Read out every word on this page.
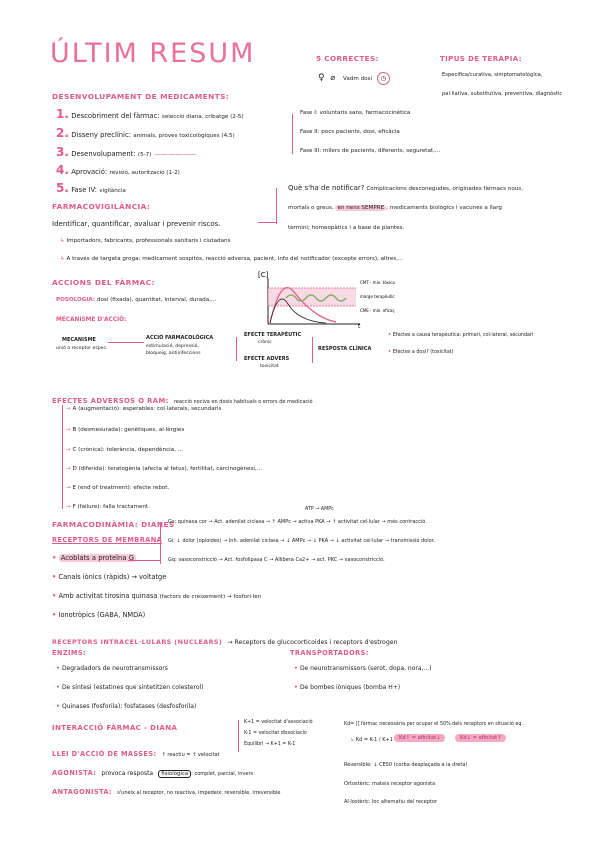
ÚLTIM RESUM	5 CORRECTES:
♀ ⌀ Vadm dosi ◷
TIPUS DE TERÀPIA:
Específica/curativa, simptomatològica,
pal·liativa, substitutiva, preventiva, diagnòstic
DESENVOLUPAMENT DE MEDICAMENTS:
1. Descobriment del fàrmac: selecció diana, cribatge (2-5)
2. Disseny preclínic: animals, proves toxicològiques (4,5)
3. Desenvolupament: (5-7) ——————
4. Aprovació: revisió, autorització (1-2)
5. Fase IV: vigilància
Fase I: voluntaris sans, farmacocinètica
Fase II: pocs pacients, dosi, eficàcia
Fase III: milers de pacients, diferents, seguretat,...
FARMACOVIGILÀNCIA:
Identificar, quantificar, avaluar i prevenir riscos.
↳ Importadors, fabricants, professionals sanitaris i ciutadans
↳ A través de targeta groga: medicament sospitós, reacció adversa, pacient, info del notificador (excepte errors), altres,...
Què s'ha de notificar? Complicacions desconegudes, originades fàrmacs nous,
mortals o greus, en nens SEMPRE ; medicaments biològics i vacunes a llarg
termini; homeopàtics i a base de plantes.
ACCIONS DEL FÀRMAC:
POSOLOGIA: dosi (fixada), quantitat, interval, durada,...
MECANISME D'ACCIÓ:
MECANISME
unió a receptor espec.
ACCIÓ FARMACOLÒGICA
estimulació, depressió,
bloqueig, antiinfeccions
EFECTE TERAPÈUTIC
crònic
EFECTE ADVERS
toxicitat
RESPOSTA CLÍNICA
• Efectes a causa terapèutica: primari, col·lateral, secundari
• Efectes a dosi? (toxicitat)
[C]
t
CMT - min. tòxica
marge terapèutic
CME - min. eficaç
EFECTES ADVERSOS O RAM: reacció nociva en dosis habituals o errors de medicació
→ A (augmentació): esperables: col·laterals, secundaris
→ B (desmesurada): genètiques, al·lèrgies
→ C (crònica): tolerància, dependència, ...
→ D (diferida): teratogènia (afecta al fetus), fertilitat, carcinogènesi,...
→ E (end of treatment): efecte rebot.
→ F (failure): falla tractament.
FARMACODINÀMIA: DIANES
RECEPTORS DE MEMBRANA
• Acoblats a proteïna G
• Canals iònics (ràpids) → voltatge
• Amb activitat tirosina quinasa (factors de creixement) → fosfori·len
• Ionotròpics (GABA, NMDA)
ATP → AMPc
Gs: quinasa cor → Act. adenilat ciclasa → ↑ AMPc → activa PKA → ↑ activitat cel·lular → més contracció.
Gi: ↓ dolor (opioides) → Inh. adenilat ciclasa → ↓ AMPc → ↓ PKA → ↓ activitat cel·lular → transmissió dolor.
Gq: vasoconstricció → Act. fosfolipasa C → Allibera Ca2+ → act. PKC → vasoconstricció.
RECEPTORS INTRACEL·LULARS (NUCLEARS) → Receptors de glucocorticoides i receptors d'estrogen
ENZIMS:
• Degradadors de neurotransmissors
• De síntesi (estatines que sintetitzen colesterol)
• Quinases (fosforila); fosfatases (desfosforila)
TRANSPORTADORS:
• De neurotransmissors (serot, dopa, nora,...)
• De bombes iòniques (bomba H+)
INTERACCIÓ FÀRMAC - DIANA
LLEI D'ACCIÓ DE MASSES: ↑ reactiu = ↑ velocitat
K+1 = velocitat d'associació
K-1 = velocitat dissociació
Equilibri → K+1 = K-1
Kd= [] fàrmac necessària per ocupar el 50% dels receptors en situació eq.
↳ Kd = K-1 / K+1	Kd↑ = afinitat↓	Kd↓ = afinitat↑
AGONISTA: provoca resposta fisiològica : complet, parcial, invers
ANTAGONISTA: s'uneix al receptor, no reactiva, impedeix: reversible, irreversible
Reversible: ↓ CE50 (corba desplaçada a la dreta)
Ortostèric: mateix receptor agonista
Al·lostèric: Ioc alternatiu del receptor
